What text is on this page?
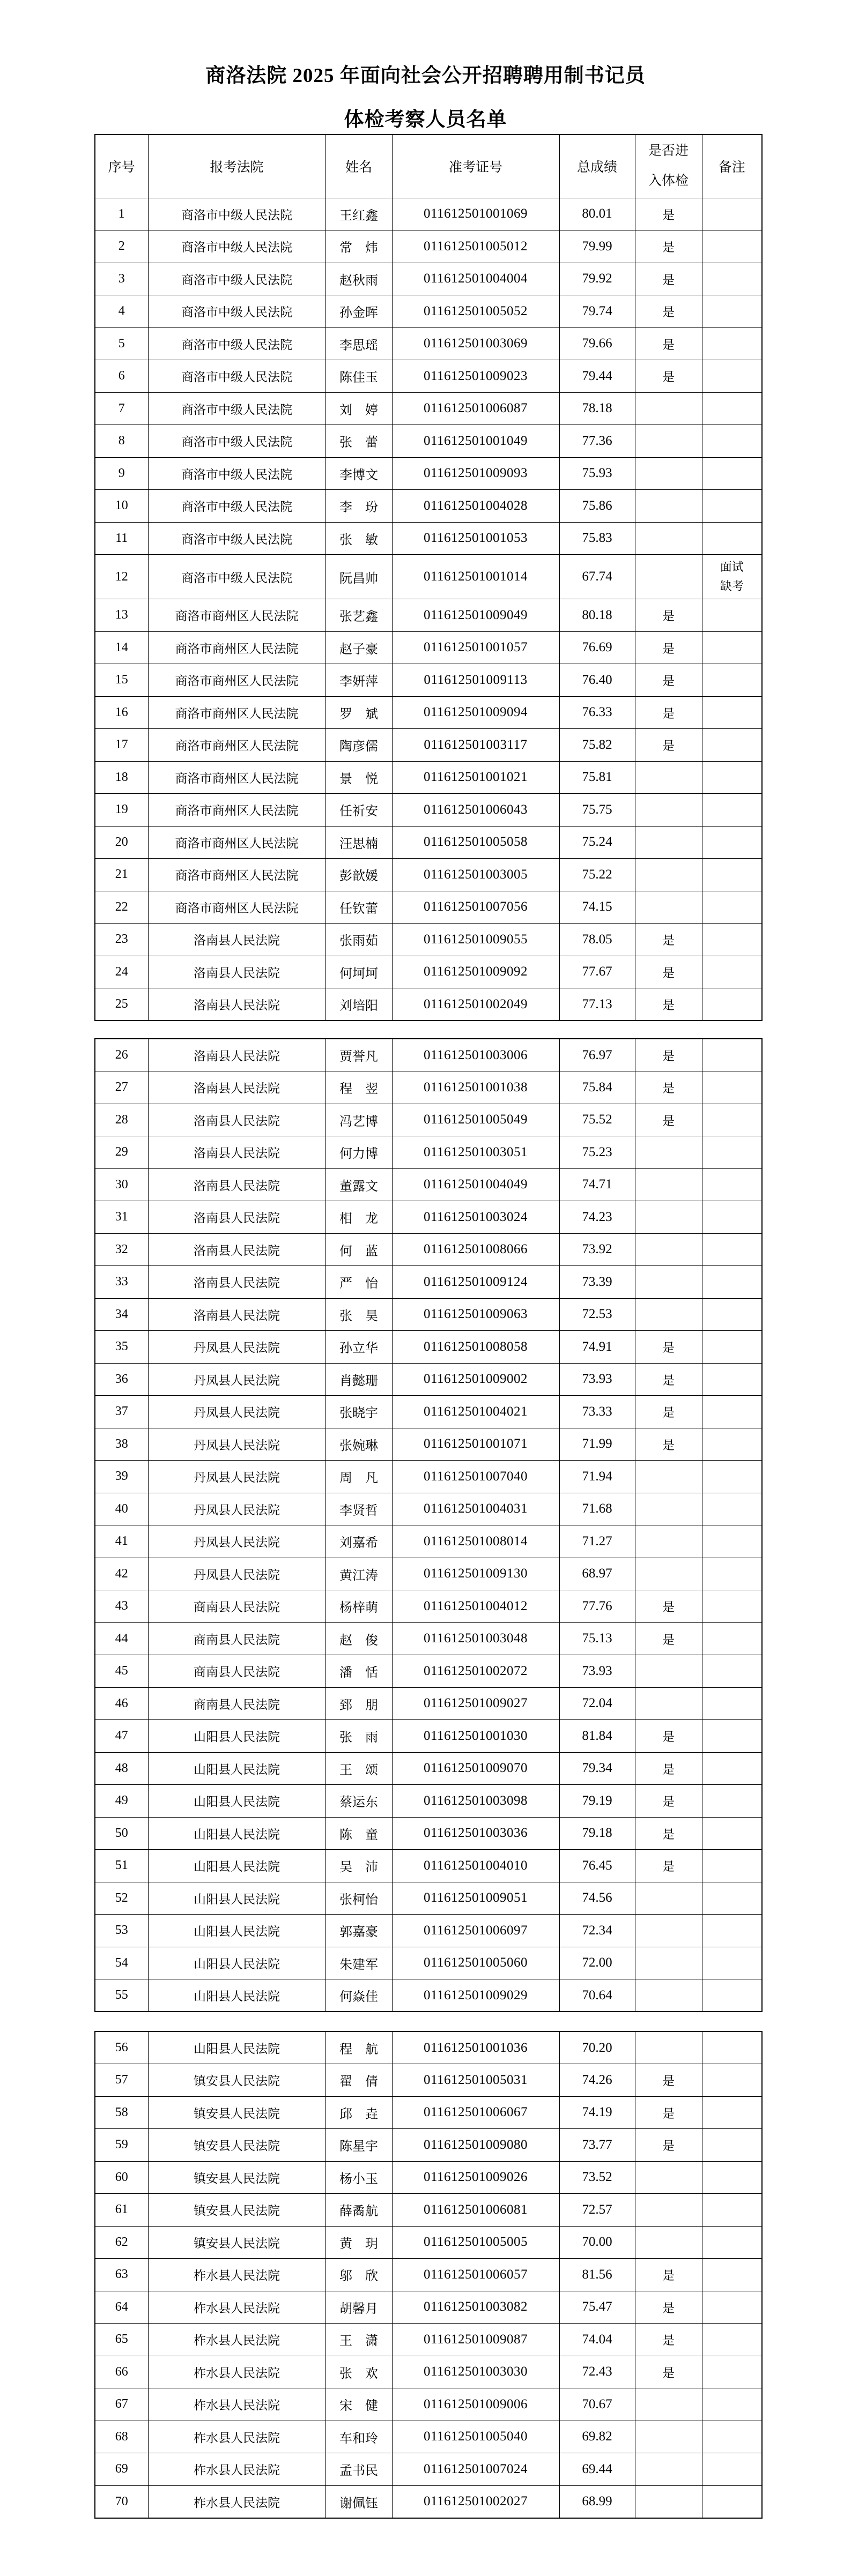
商洛法院 2025 年面向社会公开招聘聘用制书记员
体检考察人员名单
序号	报考法院	姓名	准考证号	总成绩	是否进入体检	备注
1	商洛市中级人民法院	王红鑫	011612501001069	80.01	是	
2	商洛市中级人民法院	常　炜	011612501005012	79.99	是	
3	商洛市中级人民法院	赵秋雨	011612501004004	79.92	是	
4	商洛市中级人民法院	孙金晖	011612501005052	79.74	是	
5	商洛市中级人民法院	李思瑶	011612501003069	79.66	是	
6	商洛市中级人民法院	陈佳玉	011612501009023	79.44	是	
7	商洛市中级人民法院	刘　婷	011612501006087	78.18		
8	商洛市中级人民法院	张　蕾	011612501001049	77.36		
9	商洛市中级人民法院	李博文	011612501009093	75.93		
10	商洛市中级人民法院	李　玢	011612501004028	75.86		
11	商洛市中级人民法院	张　敏	011612501001053	75.83		
12	商洛市中级人民法院	阮昌帅	011612501001014	67.74		面试缺考
13	商洛市商州区人民法院	张艺鑫	011612501009049	80.18	是	
14	商洛市商州区人民法院	赵子豪	011612501001057	76.69	是	
15	商洛市商州区人民法院	李妍萍	011612501009113	76.40	是	
16	商洛市商州区人民法院	罗　斌	011612501009094	76.33	是	
17	商洛市商州区人民法院	陶彦儒	011612501003117	75.82	是	
18	商洛市商州区人民法院	景　悦	011612501001021	75.81		
19	商洛市商州区人民法院	任祈安	011612501006043	75.75		
20	商洛市商州区人民法院	汪思楠	011612501005058	75.24		
21	商洛市商州区人民法院	彭歆媛	011612501003005	75.22		
22	商洛市商州区人民法院	任钦蕾	011612501007056	74.15		
23	洛南县人民法院	张雨茹	011612501009055	78.05	是	
24	洛南县人民法院	何坷坷	011612501009092	77.67	是	
25	洛南县人民法院	刘培阳	011612501002049	77.13	是	
26	洛南县人民法院	贾誉凡	011612501003006	76.97	是	
27	洛南县人民法院	程　翌	011612501001038	75.84	是	
28	洛南县人民法院	冯艺博	011612501005049	75.52	是	
29	洛南县人民法院	何力博	011612501003051	75.23		
30	洛南县人民法院	董露文	011612501004049	74.71		
31	洛南县人民法院	相　龙	011612501003024	74.23		
32	洛南县人民法院	何　蓝	011612501008066	73.92		
33	洛南县人民法院	严　怡	011612501009124	73.39		
34	洛南县人民法院	张　昊	011612501009063	72.53		
35	丹凤县人民法院	孙立华	011612501008058	74.91	是	
36	丹凤县人民法院	肖懿珊	011612501009002	73.93	是	
37	丹凤县人民法院	张晓宇	011612501004021	73.33	是	
38	丹凤县人民法院	张婉琳	011612501001071	71.99	是	
39	丹凤县人民法院	周　凡	011612501007040	71.94		
40	丹凤县人民法院	李贤哲	011612501004031	71.68		
41	丹凤县人民法院	刘嘉希	011612501008014	71.27		
42	丹凤县人民法院	黄江涛	011612501009130	68.97		
43	商南县人民法院	杨梓萌	011612501004012	77.76	是	
44	商南县人民法院	赵　俊	011612501003048	75.13	是	
45	商南县人民法院	潘　恬	011612501002072	73.93		
46	商南县人民法院	郅　朋	011612501009027	72.04		
47	山阳县人民法院	张　雨	011612501001030	81.84	是	
48	山阳县人民法院	王　颂	011612501009070	79.34	是	
49	山阳县人民法院	蔡运东	011612501003098	79.19	是	
50	山阳县人民法院	陈　童	011612501003036	79.18	是	
51	山阳县人民法院	吴　沛	011612501004010	76.45	是	
52	山阳县人民法院	张柯怡	011612501009051	74.56		
53	山阳县人民法院	郭嘉豪	011612501006097	72.34		
54	山阳县人民法院	朱建军	011612501005060	72.00		
55	山阳县人民法院	何焱佳	011612501009029	70.64		
56	山阳县人民法院	程　航	011612501001036	70.20		
57	镇安县人民法院	翟　倩	011612501005031	74.26	是	
58	镇安县人民法院	邱　垚	011612501006067	74.19	是	
59	镇安县人民法院	陈星宇	011612501009080	73.77	是	
60	镇安县人民法院	杨小玉	011612501009026	73.52		
61	镇安县人民法院	薛矞航	011612501006081	72.57		
62	镇安县人民法院	黄　玥	011612501005005	70.00		
63	柞水县人民法院	邬　欣	011612501006057	81.56	是	
64	柞水县人民法院	胡馨月	011612501003082	75.47	是	
65	柞水县人民法院	王　潇	011612501009087	74.04	是	
66	柞水县人民法院	张　欢	011612501003030	72.43	是	
67	柞水县人民法院	宋　健	011612501009006	70.67		
68	柞水县人民法院	车和玲	011612501005040	69.82		
69	柞水县人民法院	孟书民	011612501007024	69.44		
70	柞水县人民法院	谢佩钰	011612501002027	68.99		
